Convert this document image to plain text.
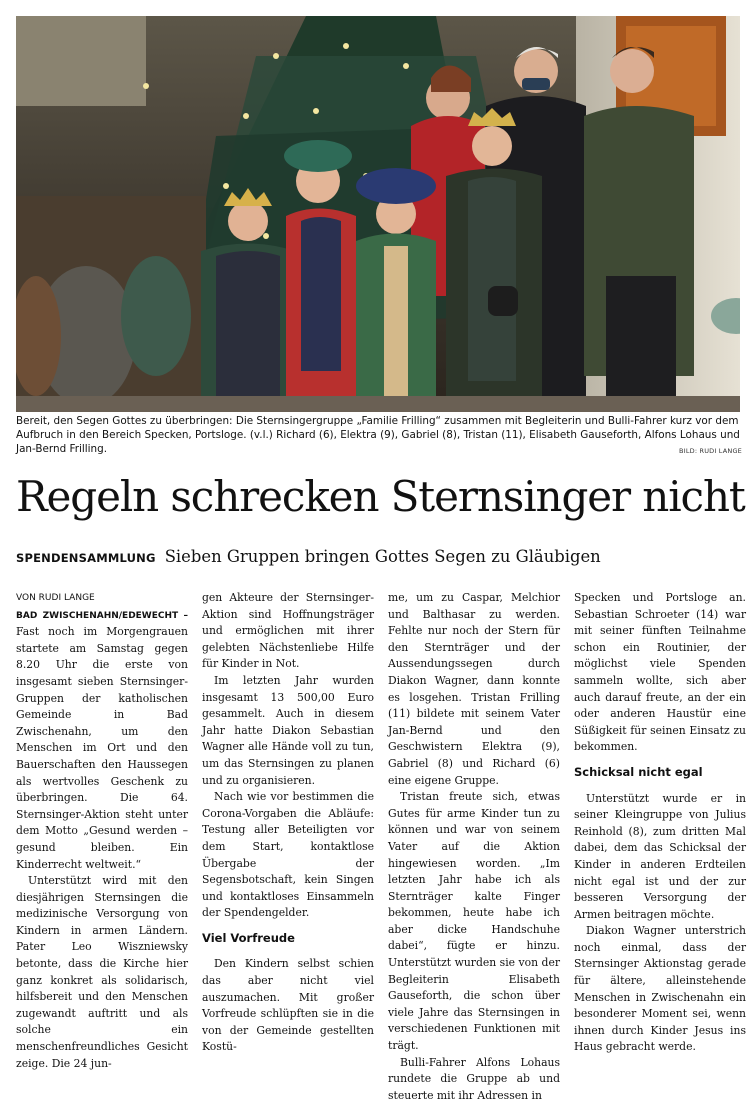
Bereit, den Segen Gottes zu überbringen: Die Sternsingergruppe „Familie Frilling“ zusammen mit Begleiterin und Bulli-Fahrer kurz vor dem Aufbruch in den Bereich Specken, Portsloge. (v.l.) Richard (6), Elektra (9), Gabriel (8), Tristan (11), Elisabeth Gauseforth, Alfons Lohaus und Jan-Bernd Frilling.	BILD: RUDI LANGE
Regeln schrecken Sternsinger nicht
SPENDENSAMMLUNG Sieben Gruppen bringen Gottes Segen zu Gläubigen

VON RUDI LANGE

BAD ZWISCHENAHN/EDEWECHT – Fast noch im Morgengrauen startete am Samstag gegen 8.20 Uhr die erste von insgesamt sieben Sternsinger-Gruppen der katholischen Gemeinde in Bad Zwischenahn, um den Menschen im Ort und den Bauerschaften den Haussegen als wertvolles Geschenk zu überbringen. Die 64. Sternsinger-Aktion steht unter dem Motto „Gesund werden – gesund bleiben. Ein Kinderrecht weltweit.“

Unterstützt wird mit den diesjährigen Sternsingen die medizinische Versorgung von Kindern in armen Ländern. Pater Leo Wiszniewsky betonte, dass die Kirche hier ganz konkret als solidarisch, hilfsbereit und den Menschen zugewandt auftritt und als solche ein menschenfreundliches Gesicht zeige. Die 24 jun-

gen Akteure der Sternsinger-Aktion sind Hoffnungsträger und ermöglichen mit ihrer gelebten Nächstenliebe Hilfe für Kinder in Not.

Im letzten Jahr wurden insgesamt 13 500,00 Euro gesammelt. Auch in diesem Jahr hatte Diakon Sebastian Wagner alle Hände voll zu tun, um das Sternsingen zu planen und zu organisieren.

Nach wie vor bestimmen die Corona-Vorgaben die Abläufe: Testung aller Beteiligten vor dem Start, kontaktlose Übergabe der Segensbotschaft, kein Singen und kontaktloses Einsammeln der Spendengelder.

Viel Vorfreude

Den Kindern selbst schien das aber nicht viel auszumachen. Mit großer Vorfreude schlüpften sie in die von der Gemeinde gestellten Kostü-

me, um zu Caspar, Melchior und Balthasar zu werden. Fehlte nur noch der Stern für den Sternträger und der Aussendungssegen durch Diakon Wagner, dann konnte es losgehen. Tristan Frilling (11) bildete mit seinem Vater Jan-Bernd und den Geschwistern Elektra (9), Gabriel (8) und Richard (6) eine eigene Gruppe.

Tristan freute sich, etwas Gutes für arme Kinder tun zu können und war von seinem Vater auf die Aktion hingewiesen worden. „Im letzten Jahr habe ich als Sternträger kalte Finger bekommen, heute habe ich aber dicke Handschuhe dabei“, fügte er hinzu. Unterstützt wurden sie von der Begleiterin Elisabeth Gauseforth, die schon über viele Jahre das Sternsingen in verschiedenen Funktionen mit trägt.

Bulli-Fahrer Alfons Lohaus rundete die Gruppe ab und steuerte mit ihr Adressen in

Specken und Portsloge an. Sebastian Schroeter (14) war mit seiner fünften Teilnahme schon ein Routinier, der möglichst viele Spenden sammeln wollte, sich aber auch darauf freute, an der ein oder anderen Haustür eine Süßigkeit für seinen Einsatz zu bekommen.

Schicksal nicht egal

Unterstützt wurde er in seiner Kleingruppe von Julius Reinhold (8), zum dritten Mal dabei, dem das Schicksal der Kinder in anderen Erdteilen nicht egal ist und der zur besseren Versorgung der Armen beitragen möchte.

Diakon Wagner unterstrich noch einmal, dass der Sternsinger Aktionstag gerade für ältere, alleinstehende Menschen in Zwischenahn ein besonderer Moment sei, wenn ihnen durch Kinder Jesus ins Haus gebracht werde.
